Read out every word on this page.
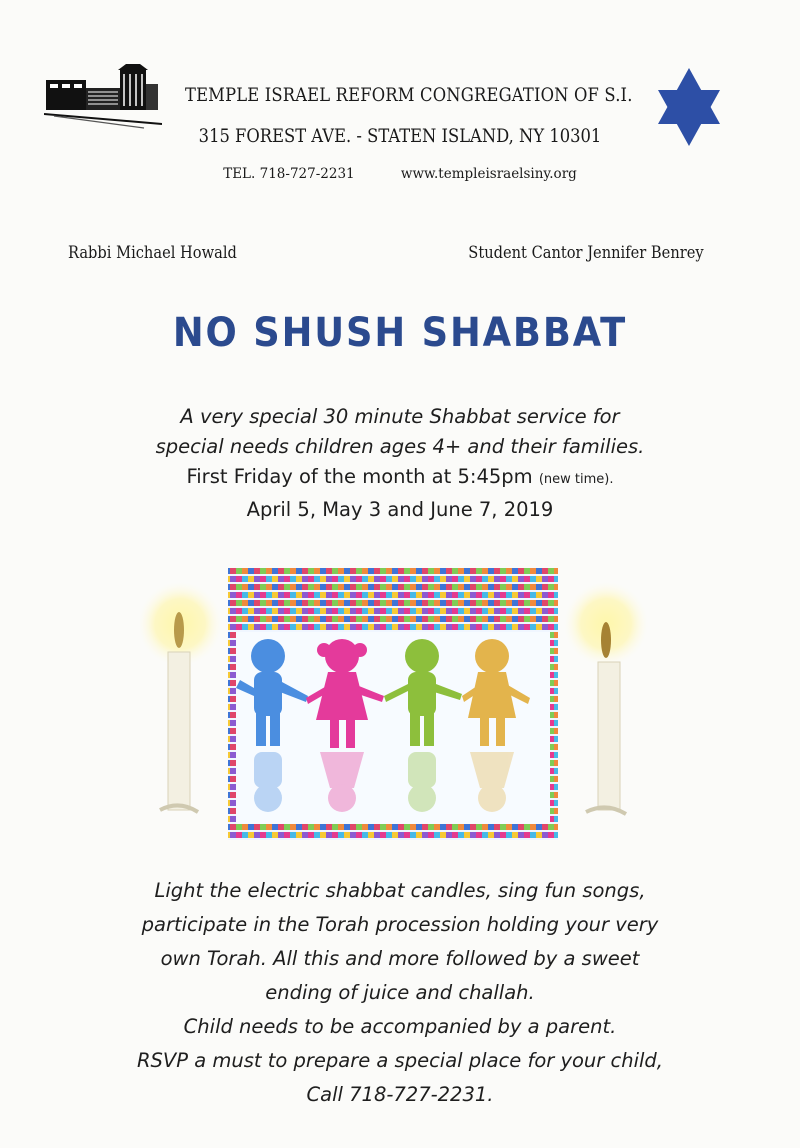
TEMPLE ISRAEL REFORM CONGREGATION OF S.I.
315 FOREST AVE. - STATEN ISLAND, NY 10301
TEL. 718-727-2231	www.templeisraelsiny.org
Rabbi Michael Howald	Student Cantor Jennifer Benrey
NO SHUSH SHABBAT
A very special 30 minute Shabbat service for
special needs children ages 4+ and their families.
First Friday of the month at 5:45pm (new time).
April 5, May 3 and June 7, 2019
Light the electric shabbat candles, sing fun songs,
participate in the Torah procession holding your very
own Torah. All this and more followed by a sweet
ending of juice and challah.
Child needs to be accompanied by a parent.
RSVP a must to prepare a special place for your child,
Call 718-727-2231.
